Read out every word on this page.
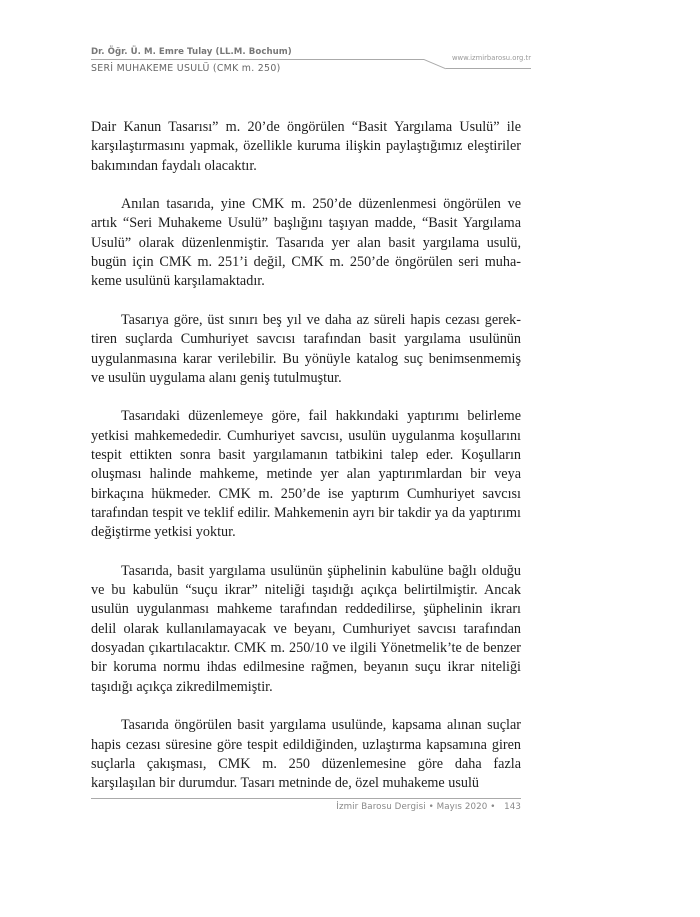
Dr. Öğr. Ü. M. Emre Tulay (LL.M. Bochum)
www.izmirbarosu.org.tr
SERİ MUHAKEME USULÜ (CMK m. 250)

Dair Kanun Tasarısı” m. 20’de öngörülen “Basit Yargılama Usulü” ile karşılaştırmasını yapmak, özellikle kuruma ilişkin paylaştığımız eleştiriler bakımından faydalı olacaktır.

Anılan tasarıda, yine CMK m. 250’de düzenlenmesi öngörülen ve artık “Seri Muhakeme Usulü” başlığını taşıyan madde, “Basit Yargılama Usulü” olarak düzenlenmiştir. Tasarıda yer alan basit yargılama usulü, bugün için CMK m. 251’i değil, CMK m. 250’de öngörülen seri muhakeme usulünü karşılamaktadır.

Tasarıya göre, üst sınırı beş yıl ve daha az süreli hapis cezası gerektiren suçlarda Cumhuriyet savcısı tarafından basit yargılama usulünün uygulanmasına karar verilebilir. Bu yönüyle katalog suç benimsenmemiş ve usulün uygulama alanı geniş tutulmuştur.

Tasarıdaki düzenlemeye göre, fail hakkındaki yaptırımı belirleme yetkisi mahkemededir. Cumhuriyet savcısı, usulün uygulanma koşullarını tespit ettikten sonra basit yargılamanın tatbikini talep eder. Koşulların oluşması halinde mahkeme, metinde yer alan yaptırımlardan bir veya birkaçına hükmeder. CMK m. 250’de ise yaptırım Cumhuriyet savcısı tarafından tespit ve teklif edilir. Mahkemenin ayrı bir takdir ya da yaptırımı değiştirme yetkisi yoktur.

Tasarıda, basit yargılama usulünün şüphelinin kabulüne bağlı olduğu ve bu kabulün “suçu ikrar” niteliği taşıdığı açıkça belirtilmiştir. Ancak usulün uygulanması mahkeme tarafından reddedilirse, şüphelinin ikrarı delil olarak kullanılamayacak ve beyanı, Cumhuriyet savcısı tarafından dosyadan çıkartılacaktır. CMK m. 250/10 ve ilgili Yönetmelik’te de benzer bir koruma normu ihdas edilmesine rağmen, beyanın suçu ikrar niteliği taşıdığı açıkça zikredilmemiştir.

Tasarıda öngörülen basit yargılama usulünde, kapsama alınan suçlar hapis cezası süresine göre tespit edildiğinden, uzlaştırma kapsamına giren suçlarla çakışması, CMK m. 250 düzenlemesine göre daha fazla karşılaşılan bir durumdur. Tasarı metninde de, özel muhakeme usulü

İzmir Barosu Dergisi • Mayıs 2020 • 143
